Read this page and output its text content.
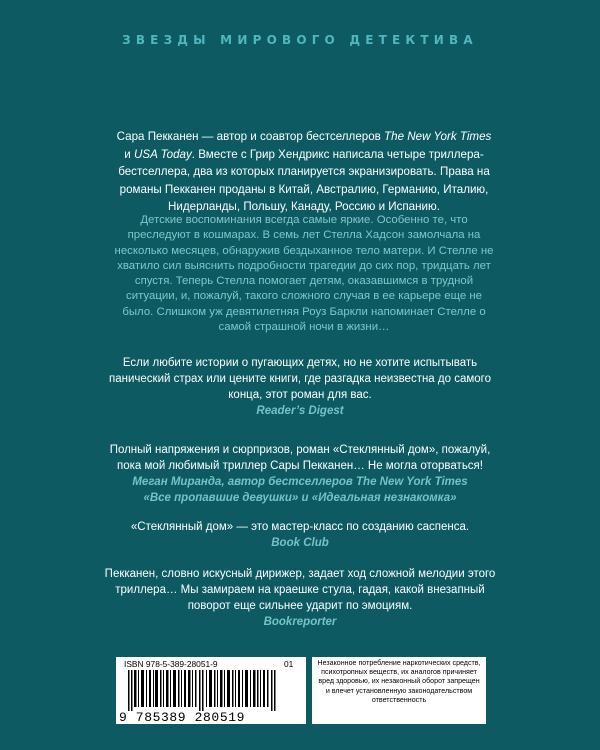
ЗВЕЗДЫ МИРОВОГО ДЕТЕКТИВА
Сара Пекканен — автор и соавтор бестселлеров The New York Times и USA Today. Вместе с Грир Хендрикс написала четыре триллера-бестселлера, два из которых планируется экранизировать. Права на романы Пекканен проданы в Китай, Австралию, Германию, Италию, Нидерланды, Польшу, Канаду, Россию и Испанию.
Детские воспоминания всегда самые яркие. Особенно те, что преследуют в кошмарах. В семь лет Стелла Хадсон замолчала на несколько месяцев, обнаружив бездыханное тело матери. И Стелле не хватило сил выяснить подробности трагедии до сих пор, тридцать лет спустя. Теперь Стелла помогает детям, оказавшимся в трудной ситуации, и, пожалуй, такого сложного случая в ее карьере еще не было. Слишком уж девятилетняя Роуз Баркли напоминает Стелле о самой страшной ночи в жизни…
Если любите истории о пугающих детях, но не хотите испытывать панический страх или цените книги, где разгадка неизвестна до самого конца, этот роман для вас.
Reader’s Digest
Полный напряжения и сюрпризов, роман «Стеклянный дом», пожалуй, пока мой любимый триллер Сары Пекканен… Не могла оторваться!
Меган Миранда, автор бестселлеров The New York Times
«Все пропавшие девушки» и «Идеальная незнакомка»
«Стеклянный дом» — это мастер-класс по созданию саспенса.
Book Club
Пекканен, словно искусный дирижер, задает ход сложной мелодии этого триллера… Мы замираем на краешке стула, гадая, какой внезапный поворот еще сильнее ударит по эмоциям.
Bookreporter
ISBN 978-5-389-28051-9	01
9 785389 280519
Незаконное потребление наркотических средств, психотропных веществ, их аналогов причиняет вред здоровью, их незаконный оборот запрещен и влечет установленную законодательством ответственность
